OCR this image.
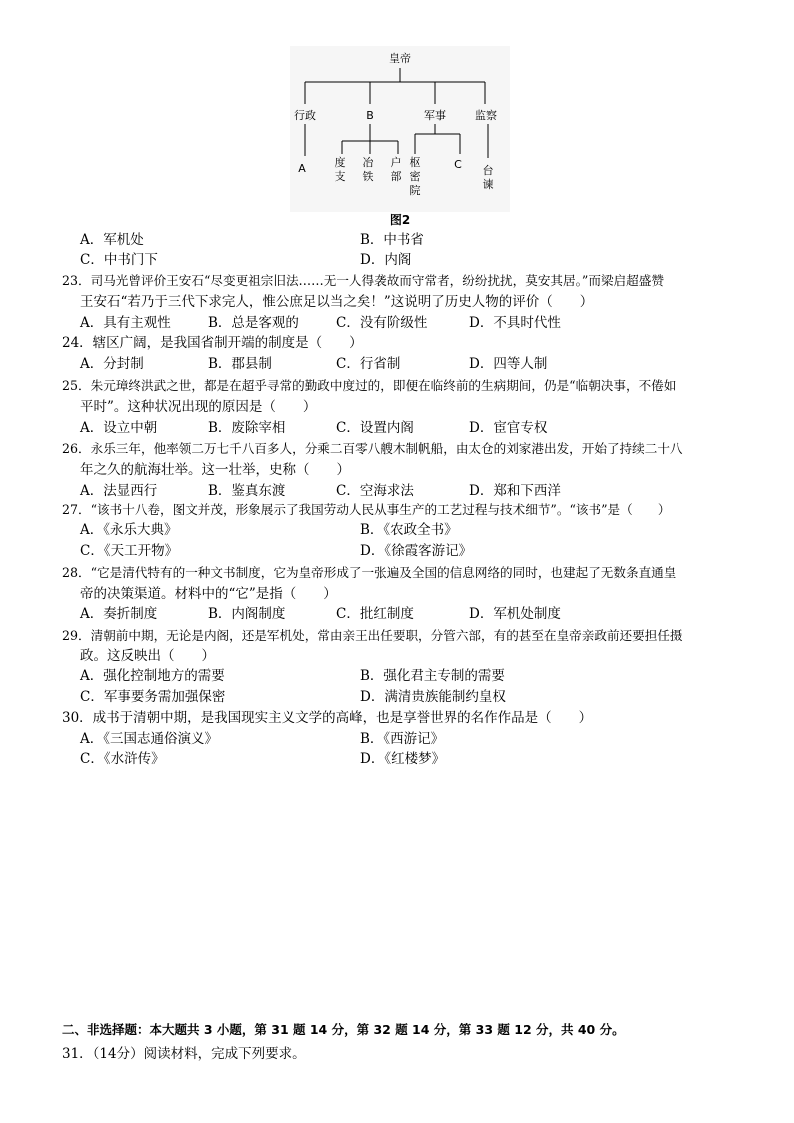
皇帝
行政	B	军事	监察
A	度
支
冶
铁
户
部
枢
密
院
C 台
谏
图2
A．军机处	B．中书省
C．中书门下	D．内阁
23．司马光曾评价王安石“尽变更祖宗旧法……无一人得袭故而守常者，纷纷扰扰，莫安其居。”而梁启超盛赞
王安石“若乃于三代下求完人，惟公庶足以当之矣！”这说明了历史人物的评价（　　）
A．具有主观性	B．总是客观的	C．没有阶级性	D．不具时代性
24．辖区广阔，是我国省制开端的制度是（　　）
A．分封制	B．郡县制	C．行省制	D．四等人制
25．朱元璋终洪武之世，都是在超乎寻常的勤政中度过的，即便在临终前的生病期间，仍是“临朝决事，不倦如
平时”。这种状况出现的原因是（　　）
A．设立中朝	B．废除宰相	C．设置内阁	D．宦官专权
26．永乐三年，他率领二万七千八百多人，分乘二百零八艘木制帆船，由太仓的刘家港出发，开始了持续二十八
年之久的航海壮举。这一壮举，史称（　　）
A．法显西行	B．鉴真东渡	C．空海求法	D．郑和下西洋
27．“该书十八卷，图文并茂，形象展示了我国劳动人民从事生产的工艺过程与技术细节”。“该书”是（　　）
A．《永乐大典》	B．《农政全书》
C．《天工开物》	D．《徐霞客游记》
28．“它是清代特有的一种文书制度，它为皇帝形成了一张遍及全国的信息网络的同时，也建起了无数条直通皇
帝的决策渠道。材料中的“它”是指（　　）
A．奏折制度	B．内阁制度	C．批红制度	D．军机处制度
29．清朝前中期，无论是内阁，还是军机处，常由亲王出任要职，分管六部，有的甚至在皇帝亲政前还要担任摄
政。这反映出（　　）
A．强化控制地方的需要	B．强化君主专制的需要
C．军事要务需加强保密	D．满清贵族能制约皇权
30．成书于清朝中期，是我国现实主义文学的高峰，也是享誉世界的名作作品是（　　）
A．《三国志通俗演义》	B．《西游记》
C．《水浒传》	D．《红楼梦》
二、非选择题：本大题共 3 小题，第 31 题 14 分，第 32 题 14 分，第 33 题 12 分，共 40 分。
31．（14分）阅读材料，完成下列要求。
